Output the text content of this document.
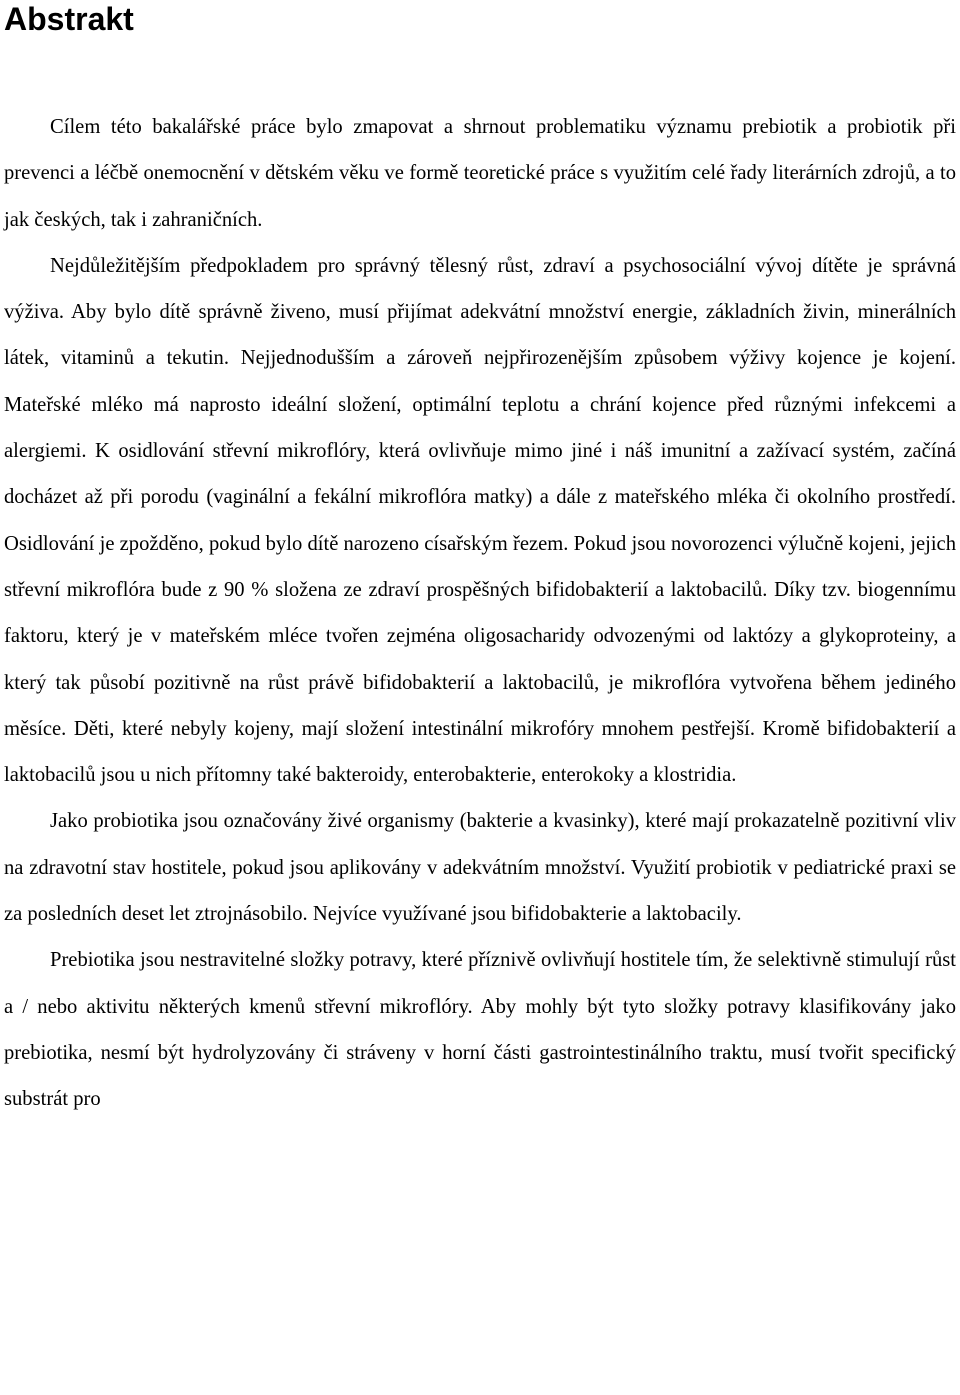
Abstrakt

Cílem této bakalářské práce bylo zmapovat a shrnout problematiku významu prebiotik a probiotik při prevenci a léčbě onemocnění v dětském věku ve formě teoretické práce s využitím celé řady literárních zdrojů, a to jak českých, tak i zahraničních.

Nejdůležitějším předpokladem pro správný tělesný růst, zdraví a psychosociální vývoj dítěte je správná výživa. Aby bylo dítě správně živeno, musí přijímat adekvátní množství energie, základních živin, minerálních látek, vitaminů a tekutin. Nejjednodušším a zároveň nejpřirozenějším způsobem výživy kojence je kojení. Mateřské mléko má naprosto ideální složení, optimální teplotu a chrání kojence před různými infekcemi a alergiemi. K osidlování střevní mikroflóry, která ovlivňuje mimo jiné i náš imunitní a zažívací systém, začíná docházet až při porodu (vaginální a fekální mikroflóra matky) a dále z mateřského mléka či okolního prostředí. Osidlování je zpožděno, pokud bylo dítě narozeno císařským řezem. Pokud jsou novorozenci výlučně kojeni, jejich střevní mikroflóra bude z 90 % složena ze zdraví prospěšných bifidobakterií a laktobacilů. Díky tzv. biogennímu faktoru, který je v mateřském mléce tvořen zejména oligosacharidy odvozenými od laktózy a glykoproteiny, a který tak působí pozitivně na růst právě bifidobakterií a laktobacilů, je mikroflóra vytvořena během jediného měsíce. Děti, které nebyly kojeny, mají složení intestinální mikrofóry mnohem pestřejší. Kromě bifidobakterií a laktobacilů jsou u nich přítomny také bakteroidy, enterobakterie, enterokoky a klostridia.

Jako probiotika jsou označovány živé organismy (bakterie a kvasinky), které mají prokazatelně pozitivní vliv na zdravotní stav hostitele, pokud jsou aplikovány v adekvátním množství. Využití probiotik v pediatrické praxi se za posledních deset let ztrojnásobilo. Nejvíce využívané jsou bifidobakterie a laktobacily.

Prebiotika jsou nestravitelné složky potravy, které příznivě ovlivňují hostitele tím, že selektivně stimulují růst a / nebo aktivitu některých kmenů střevní mikroflóry. Aby mohly být tyto složky potravy klasifikovány jako prebiotika, nesmí být hydrolyzovány či stráveny v horní části gastrointestinálního traktu, musí tvořit specifický substrát pro
